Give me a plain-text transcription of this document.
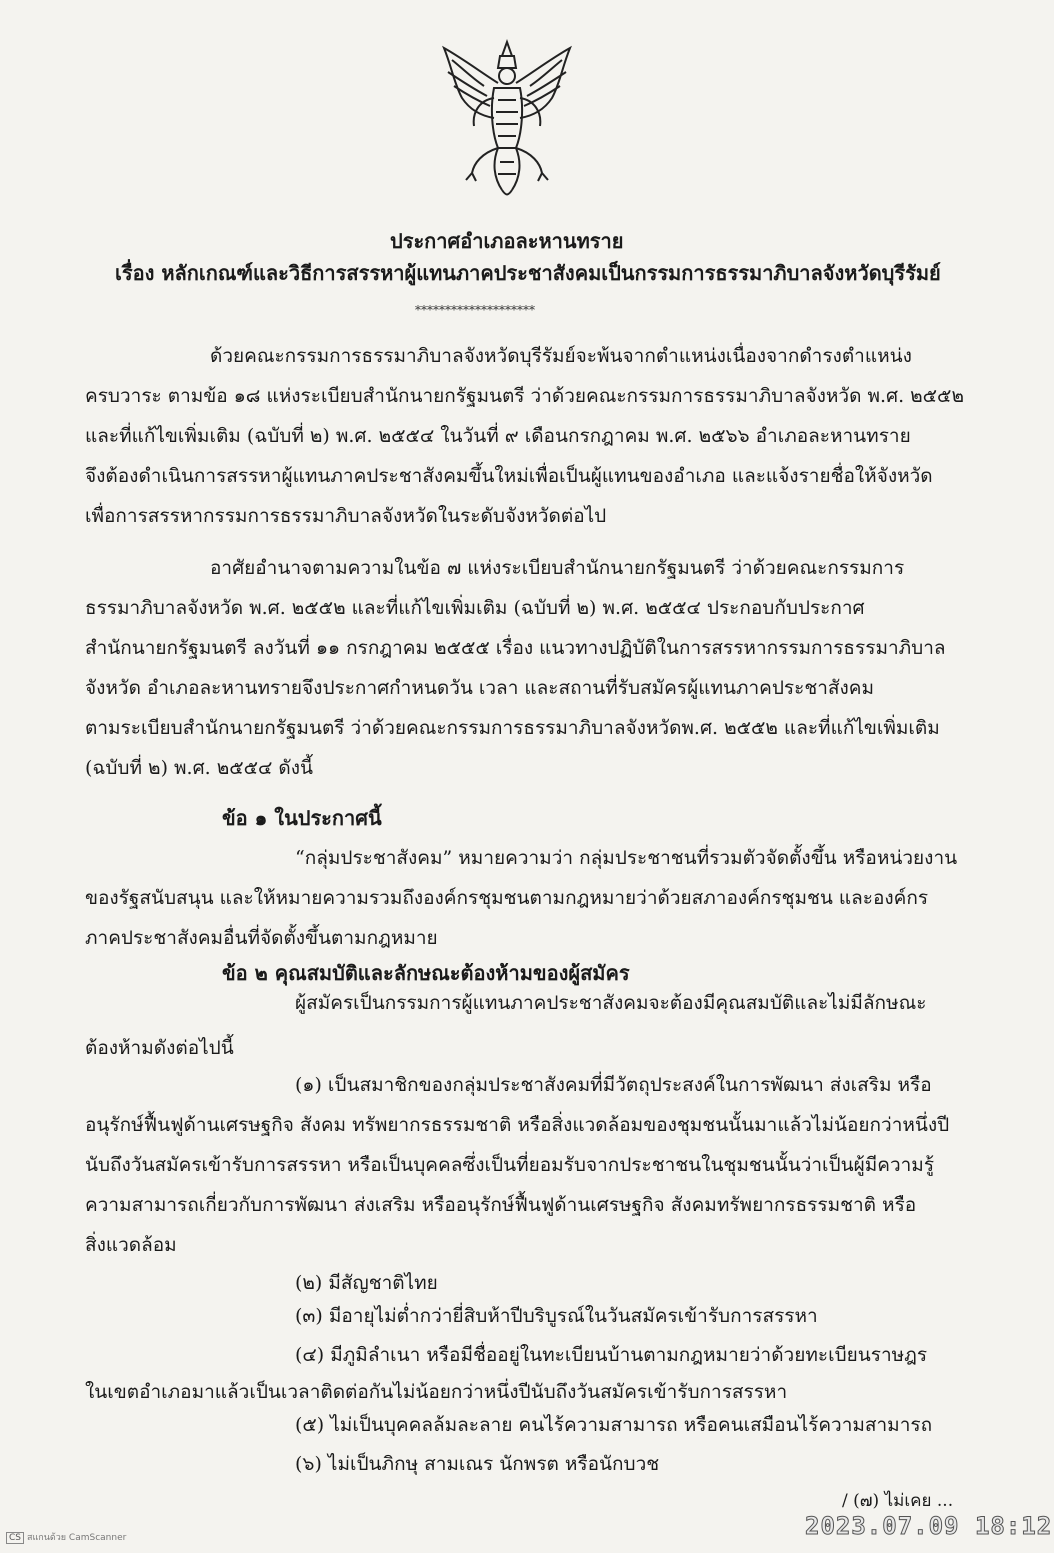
ประกาศอำเภอละหานทราย
เรื่อง หลักเกณฑ์และวิธีการสรรหาผู้แทนภาคประชาสังคมเป็นกรรมการธรรมาภิบาลจังหวัดบุรีรัมย์
********************
ด้วยคณะกรรมการธรรมาภิบาลจังหวัดบุรีรัมย์จะพ้นจากตำแหน่งเนื่องจากดำรงตำแหน่ง
ครบวาระ ตามข้อ ๑๘ แห่งระเบียบสำนักนายกรัฐมนตรี ว่าด้วยคณะกรรมการธรรมาภิบาลจังหวัด พ.ศ. ๒๕๕๒
และที่แก้ไขเพิ่มเติม (ฉบับที่ ๒) พ.ศ. ๒๕๕๔ ในวันที่ ๙ เดือนกรกฎาคม พ.ศ. ๒๕๖๖ อำเภอละหานทราย
จึงต้องดำเนินการสรรหาผู้แทนภาคประชาสังคมขึ้นใหม่เพื่อเป็นผู้แทนของอำเภอ และแจ้งรายชื่อให้จังหวัด
เพื่อการสรรหากรรมการธรรมาภิบาลจังหวัดในระดับจังหวัดต่อไป
อาศัยอำนาจตามความในข้อ ๗ แห่งระเบียบสำนักนายกรัฐมนตรี ว่าด้วยคณะกรรมการ
ธรรมาภิบาลจังหวัด พ.ศ. ๒๕๕๒ และที่แก้ไขเพิ่มเติม (ฉบับที่ ๒) พ.ศ. ๒๕๕๔ ประกอบกับประกาศ
สำนักนายกรัฐมนตรี ลงวันที่ ๑๑ กรกฎาคม ๒๕๕๕ เรื่อง แนวทางปฏิบัติในการสรรหากรรมการธรรมาภิบาล
จังหวัด อำเภอละหานทรายจึงประกาศกำหนดวัน เวลา และสถานที่รับสมัครผู้แทนภาคประชาสังคม
ตามระเบียบสำนักนายกรัฐมนตรี ว่าด้วยคณะกรรมการธรรมาภิบาลจังหวัดพ.ศ. ๒๕๕๒ และที่แก้ไขเพิ่มเติม
(ฉบับที่ ๒) พ.ศ. ๒๕๕๔ ดังนี้
ข้อ ๑ ในประกาศนี้
“กลุ่มประชาสังคม” หมายความว่า กลุ่มประชาชนที่รวมตัวจัดตั้งขึ้น หรือหน่วยงาน
ของรัฐสนับสนุน และให้หมายความรวมถึงองค์กรชุมชนตามกฎหมายว่าด้วยสภาองค์กรชุมชน และองค์กร
ภาคประชาสังคมอื่นที่จัดตั้งขึ้นตามกฎหมาย
ข้อ ๒ คุณสมบัติและลักษณะต้องห้ามของผู้สมัคร
ผู้สมัครเป็นกรรมการผู้แทนภาคประชาสังคมจะต้องมีคุณสมบัติและไม่มีลักษณะ
ต้องห้ามดังต่อไปนี้
(๑) เป็นสมาชิกของกลุ่มประชาสังคมที่มีวัตถุประสงค์ในการพัฒนา ส่งเสริม หรือ
อนุรักษ์ฟื้นฟูด้านเศรษฐกิจ สังคม ทรัพยากรธรรมชาติ หรือสิ่งแวดล้อมของชุมชนนั้นมาแล้วไม่น้อยกว่าหนึ่งปี
นับถึงวันสมัครเข้ารับการสรรหา หรือเป็นบุคคลซึ่งเป็นที่ยอมรับจากประชาชนในชุมชนนั้นว่าเป็นผู้มีความรู้
ความสามารถเกี่ยวกับการพัฒนา ส่งเสริม หรืออนุรักษ์ฟื้นฟูด้านเศรษฐกิจ สังคมทรัพยากรธรรมชาติ หรือ
สิ่งแวดล้อม
(๒) มีสัญชาติไทย
(๓) มีอายุไม่ต่ำกว่ายี่สิบห้าปีบริบูรณ์ในวันสมัครเข้ารับการสรรหา
(๔) มีภูมิลำเนา หรือมีชื่ออยู่ในทะเบียนบ้านตามกฎหมายว่าด้วยทะเบียนราษฎร
ในเขตอำเภอมาแล้วเป็นเวลาติดต่อกันไม่น้อยกว่าหนึ่งปีนับถึงวันสมัครเข้ารับการสรรหา
(๕) ไม่เป็นบุคคลล้มละลาย คนไร้ความสามารถ หรือคนเสมือนไร้ความสามารถ
(๖) ไม่เป็นภิกษุ สามเณร นักพรต หรือนักบวช
/ (๗) ไม่เคย ...
2023.07.09 18:12
CS สแกนด้วย CamScanner
